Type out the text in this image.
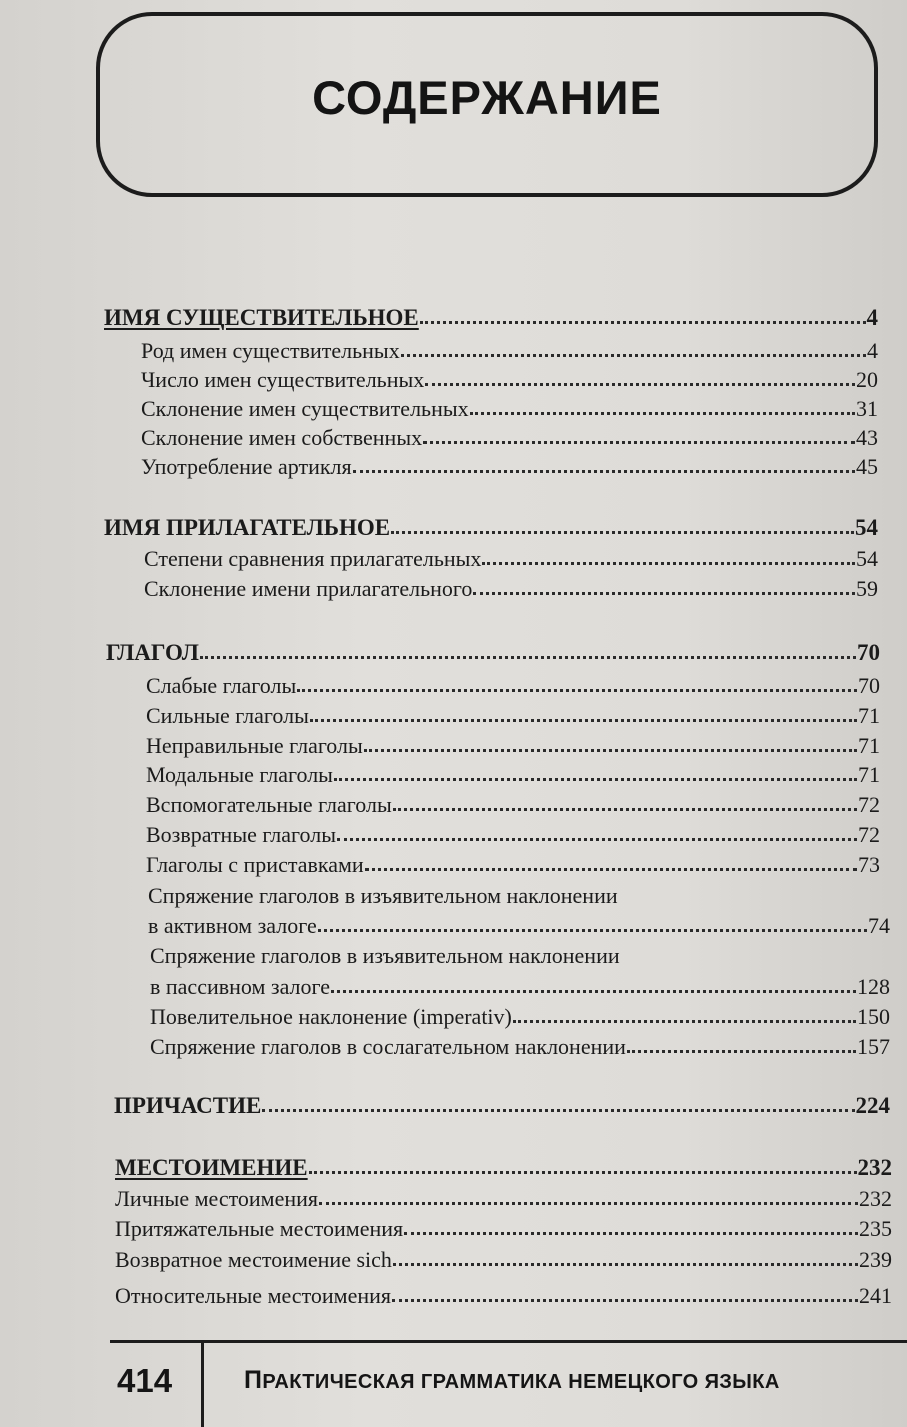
СОДЕРЖАНИЕ
ИМЯ СУЩЕСТВИТЕЛЬНОЕ	4
Род имен существительных	4
Число имен существительных	20
Склонение имен существительных	31
Склонение имен собственных	43
Употребление артикля	45
ИМЯ ПРИЛАГАТЕЛЬНОЕ	54
Степени сравнения прилагательных	54
Склонение имени прилагательного	59
ГЛАГОЛ	70
Слабые глаголы	70
Сильные глаголы	71
Неправильные глаголы	71
Модальные глаголы	71
Вспомогательные глаголы	72
Возвратные глаголы	72
Глаголы с приставками	73
Спряжение глаголов в изъявительном наклонении
в активном залоге	74
Спряжение глаголов в изъявительном наклонении
в пассивном залоге	128
Повелительное наклонение (imperativ)	150
Спряжение глаголов в сослагательном наклонении	157
ПРИЧАСТИЕ	224
МЕСТОИМЕНИЕ	232
Личные местоимения	232
Притяжательные местоимения	235
Возвратное местоимение sich	239
Относительные местоимения	241
414	ПРАКТИЧЕСКАЯ ГРАММАТИКА НЕМЕЦКОГО ЯЗЫКА
